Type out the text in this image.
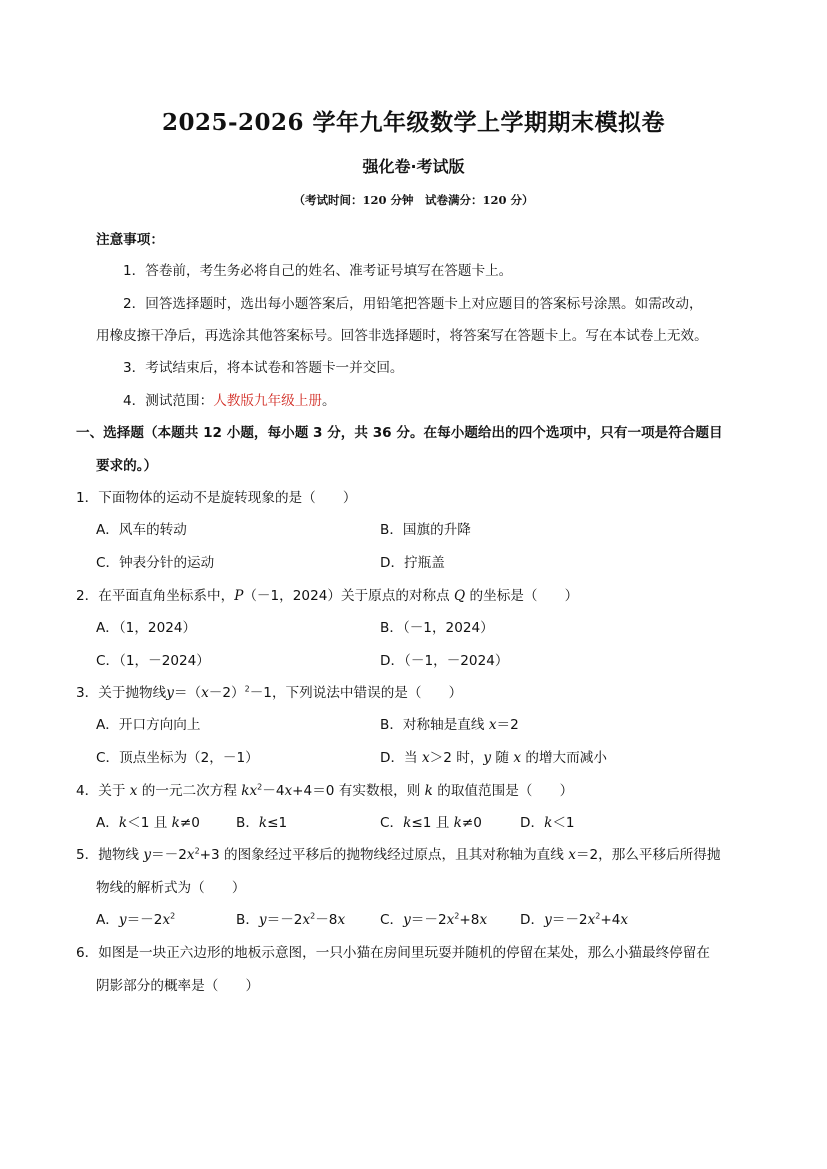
2025-2026 学年九年级数学上学期期末模拟卷
强化卷·考试版
（考试时间：120 分钟　试卷满分：120 分）
注意事项：
1．答卷前，考生务必将自己的姓名、准考证号填写在答题卡上。
2．回答选择题时，选出每小题答案后，用铅笔把答题卡上对应题目的答案标号涂黑。如需改动，
用橡皮擦干净后，再选涂其他答案标号。回答非选择题时，将答案写在答题卡上。写在本试卷上无效。
3．考试结束后，将本试卷和答题卡一并交回。
4．测试范围：人教版九年级上册。
一、选择题（本题共 12 小题，每小题 3 分，共 36 分。在每小题给出的四个选项中，只有一项是符合题目
要求的。）
1．下面物体的运动不是旋转现象的是（　　）
A．风车的转动	B．国旗的升降
C．钟表分针的运动	D．拧瓶盖
2．在平面直角坐标系中，P（－1，2024）关于原点的对称点 Q 的坐标是（　　）
A．（1，2024）	B．（－1，2024）
C．（1，－2024）	D．（－1，－2024）
3．关于抛物线$y=(x-2)^2-1$，下列说法中错误的是（　　）
A．开口方向向上	B．对称轴是直线 x＝2
C．顶点坐标为（2，－1）	D．当 x＞2 时，y 随 x 的增大而减小
4．关于 x 的一元二次方程 $kx^2-4x+4=0$ 有实数根，则 k 的取值范围是（　　）
A．k＜1 且 k≠0	B．k≤1	C．k≤1 且 k≠0	D．k＜1
5．抛物线 $y=-2x^2+3$ 的图象经过平移后的抛物线经过原点，且其对称轴为直线 x＝2，那么平移后所得抛
物线的解析式为（　　）
A．$y=-2x^2$	B．$y=-2x^2-8x$	C．$y=-2x^2+8x$ D．$y=-2x^2+4x$
6．如图是一块正六边形的地板示意图，一只小猫在房间里玩耍并随机的停留在某处，那么小猫最终停留在
阴影部分的概率是（　　）
